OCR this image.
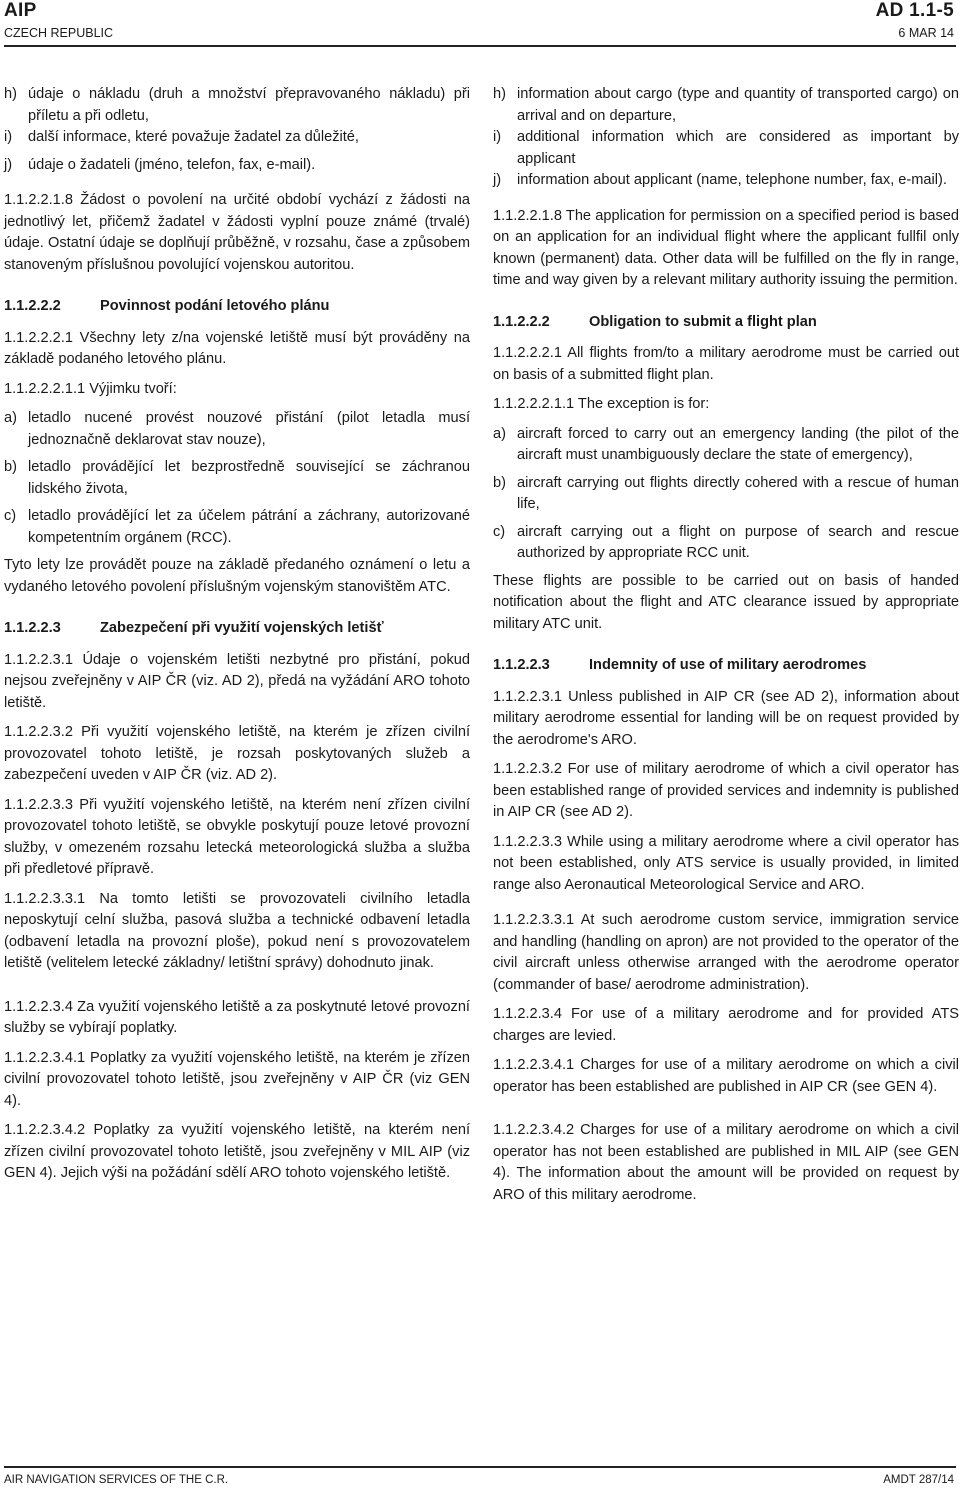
AIP
CZECH REPUBLIC
AD 1.1-5
6 MAR 14
h) údaje o nákladu (druh a množství přepravovaného nákladu) při příletu a při odletu,
i)	další informace, které považuje žadatel za důležité,
j)	údaje o žadateli (jméno, telefon, fax, e-mail).

1.1.2.2.1.8 Žádost o povolení na určité období vychází z žádosti na jednotlivý let, přičemž žadatel v žádosti vyplní pouze známé (trvalé) údaje. Ostatní údaje se doplňují průběžně, v rozsahu, čase a způsobem stanoveným příslušnou povolující vojenskou autoritou.

1.1.2.2.2	Povinnost podání letového plánu

1.1.2.2.2.1 Všechny lety z/na vojenské letiště musí být prováděny na základě podaného letového plánu.

1.1.2.2.2.1.1 Výjimku tvoří:

a) letadlo nucené provést nouzové přistání (pilot letadla musí jednoznačně deklarovat stav nouze),
b) letadlo provádějící let bezprostředně související se záchranou lidského života,
c) letadlo provádějící let za účelem pátrání a záchrany, autorizované kompetentním orgánem (RCC).

Tyto lety lze provádět pouze na základě předaného oznámení o letu a vydaného letového povolení příslušným vojenským stanovištěm ATC.

1.1.2.2.3	Zabezpečení při využití vojenských letišť

1.1.2.2.3.1 Údaje o vojenském letišti nezbytné pro přistání, pokud nejsou zveřejněny v AIP ČR (viz. AD 2), předá na vyžádání ARO tohoto letiště.

1.1.2.2.3.2 Při využití vojenského letiště, na kterém je zřízen civilní provozovatel tohoto letiště, je rozsah poskytovaných služeb a zabezpečení uveden v AIP ČR (viz. AD 2).

1.1.2.2.3.3 Při využití vojenského letiště, na kterém není zřízen civilní provozovatel tohoto letiště, se obvykle poskytují pouze letové provozní služby, v omezeném rozsahu letecká meteorologická služba a služba při předletové přípravě.

1.1.2.2.3.3.1 Na tomto letišti se provozovateli civilního letadla neposkytují celní služba, pasová služba a technické odbavení letadla (odbavení letadla na provozní ploše), pokud není s provozovatelem letiště (velitelem letecké základny/ letištní správy) dohodnuto jinak.

1.1.2.2.3.4 Za využití vojenského letiště a za poskytnuté letové provozní služby se vybírají poplatky.

1.1.2.2.3.4.1 Poplatky za využití vojenského letiště, na kterém je zřízen civilní provozovatel tohoto letiště, jsou zveřejněny v AIP ČR (viz GEN 4).

1.1.2.2.3.4.2 Poplatky za využití vojenského letiště, na kterém není zřízen civilní provozovatel tohoto letiště, jsou zveřejněny v MIL AIP (viz GEN 4). Jejich výši na požádání sdělí ARO tohoto vojenského letiště.

h) information about cargo (type and quantity of transported cargo) on arrival and on departure,
i)	additional information which are considered as important by applicant
j)	information about applicant (name, telephone number, fax, e-mail).

1.1.2.2.1.8 The application for permission on a specified period is based on an application for an individual flight where the applicant fullfil only known (permanent) data. Other data will be fulfilled on the fly in range, time and way given by a relevant military authority issuing the permition.

1.1.2.2.2	Obligation to submit a flight plan

1.1.2.2.2.1 All flights from/to a military aerodrome must be carried out on basis of a submitted flight plan.

1.1.2.2.2.1.1 The exception is for:

a) aircraft forced to carry out an emergency landing (the pilot of the aircraft must unambiguously declare the state of emergency),
b) aircraft carrying out flights directly cohered with a rescue of human life,
c) aircraft carrying out a flight on purpose of search and rescue authorized by appropriate RCC unit.

These flights are possible to be carried out on basis of handed notification about the flight and ATC clearance issued by appropriate military ATC unit.

1.1.2.2.3	Indemnity of use of military aerodromes

1.1.2.2.3.1 Unless published in AIP CR (see AD 2), information about military aerodrome essential for landing will be on request provided by the aerodrome's ARO.

1.1.2.2.3.2 For use of military aerodrome of which a civil operator has been established range of provided services and indemnity is published in AIP CR (see AD 2).

1.1.2.2.3.3 While using a military aerodrome where a civil operator has not been established, only ATS service is usually provided, in limited range also Aeronautical Meteorological Service and ARO.

1.1.2.2.3.3.1 At such aerodrome custom service, immigration service and handling (handling on apron) are not provided to the operator of the civil aircraft unless otherwise arranged with the aerodrome operator (commander of base/ aerodrome administration).

1.1.2.2.3.4 For use of a military aerodrome and for provided ATS charges are levied.

1.1.2.2.3.4.1 Charges for use of a military aerodrome on which a civil operator has been established are published in AIP CR (see GEN 4).

1.1.2.2.3.4.2 Charges for use of a military aerodrome on which a civil operator has not been established are published in MIL AIP (see GEN 4). The information about the amount will be provided on request by ARO of this military aerodrome.

AIR NAVIGATION SERVICES OF THE C.R.	AMDT 287/14
